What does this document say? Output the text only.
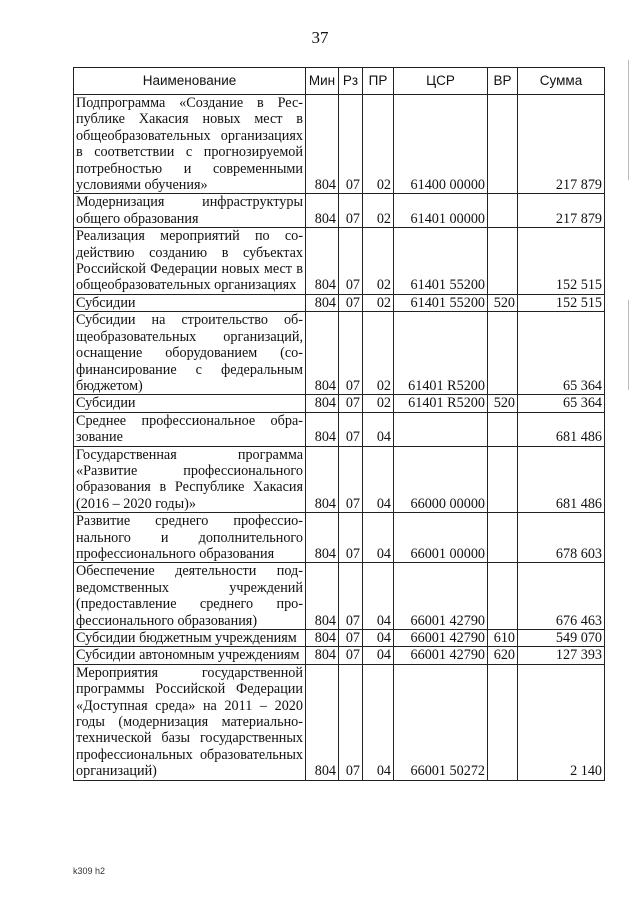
37
Наименование	Мин	Рз	ПР	ЦСР	ВР	Сумма
Подпрограмма «Создание в Республике Хакасия новых мест в общеобразовательных организациях в соответствии с прогнозируемой потребностью и современными условиями обучения»	804	07	02	61400 00000		217 879
Модернизация инфраструктуры общего образования	804	07	02	61401 00000		217 879
Реализация мероприятий по содействию созданию в субъектах Российской Федерации новых мест в общеобразовательных организациях	804	07	02	61401 55200		152 515
Субсидии	804	07	02	61401 55200	520	152 515
Субсидии на строительство общеобразовательных организаций, оснащение оборудованием (софинансирование с федеральным бюджетом)	804	07	02	61401 R5200		65 364
Субсидии	804	07	02	61401 R5200	520	65 364
Среднее профессиональное образование	804	07	04			681 486
Государственная программа «Развитие профессионального образования в Республике Хакасия (2016 – 2020 годы)»	804	07	04	66000 00000		681 486
Развитие среднего профессионального и дополнительного профессионального образования	804	07	04	66001 00000		678 603
Обеспечение деятельности подведомственных учреждений (предоставление среднего профессионального образования)	804	07	04	66001 42790		676 463
Субсидии бюджетным учреждениям	804	07	04	66001 42790	610	549 070
Субсидии автономным учреждениям	804	07	04	66001 42790	620	127 393
Мероприятия государственной программы Российской Федерации «Доступная среда» на 2011 – 2020 годы (модернизация материально-технической базы государственных профессиональных образовательных организаций)	804	07	04	66001 50272		2 140
k309 h2
